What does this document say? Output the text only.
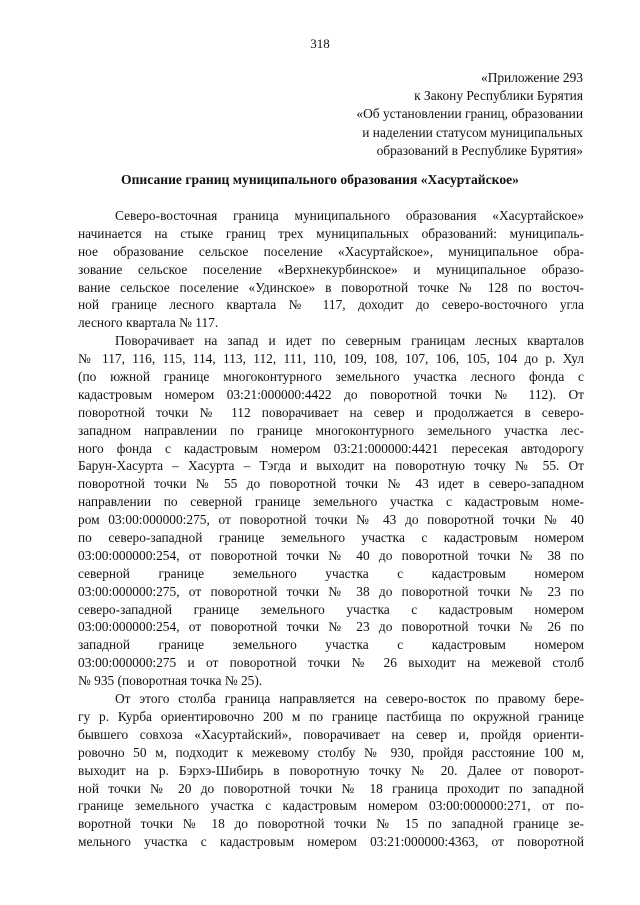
318
«Приложение 293
к Закону Республики Бурятия
«Об установлении границ, образовании
и наделении статусом муниципальных
образований в Республике Бурятия»
Описание границ муниципального образования «Хасуртайское»
Северо-восточная граница муниципального образования «Хасуртайское»
начинается на стыке границ трех муниципальных образований: муниципаль-
ное образование сельское поселение «Хасуртайское», муниципальное обра-
зование сельское поселение «Верхнекурбинское» и муниципальное образо-
вание сельское поселение «Удинское» в поворотной точке № 128 по восточ-
ной границе лесного квартала № 117, доходит до северо-восточного угла
лесного квартала № 117.
Поворачивает на запад и идет по северным границам лесных кварталов
№ 117, 116, 115, 114, 113, 112, 111, 110, 109, 108, 107, 106, 105, 104 до р. Хул
(по южной границе многоконтурного земельного участка лесного фонда с
кадастровым номером 03:21:000000:4422 до поворотной точки № 112). От
поворотной точки № 112 поворачивает на север и продолжается в северо-
западном направлении по границе многоконтурного земельного участка лес-
ного фонда с кадастровым номером 03:21:000000:4421 пересекая автодорогу
Барун-Хасурта – Хасурта – Тэгда и выходит на поворотную точку № 55. От
поворотной точки № 55 до поворотной точки № 43 идет в северо-западном
направлении по северной границе земельного участка с кадастровым номе-
ром 03:00:000000:275, от поворотной точки № 43 до поворотной точки № 40
по северо-западной границе земельного участка с кадастровым номером
03:00:000000:254, от поворотной точки № 40 до поворотной точки № 38 по
северной границе земельного участка с кадастровым номером
03:00:000000:275, от поворотной точки № 38 до поворотной точки № 23 по
северо-западной границе земельного участка с кадастровым номером
03:00:000000:254, от поворотной точки № 23 до поворотной точки № 26 по
западной границе земельного участка с кадастровым номером
03:00:000000:275 и от поворотной точки № 26 выходит на межевой столб
№ 935 (поворотная точка № 25).
От этого столба граница направляется на северо-восток по правому бере-
гу р. Курба ориентировочно 200 м по границе пастбища по окружной границе
бывшего совхоза «Хасуртайский», поворачивает на север и, пройдя ориенти-
ровочно 50 м, подходит к межевому столбу № 930, пройдя расстояние 100 м,
выходит на р. Бэрхэ-Шибирь в поворотную точку № 20. Далее от поворот-
ной точки № 20 до поворотной точки № 18 граница проходит по западной
границе земельного участка с кадастровым номером 03:00:000000:271, от по-
воротной точки № 18 до поворотной точки № 15 по западной границе зе-
мельного участка с кадастровым номером 03:21:000000:4363, от поворотной
